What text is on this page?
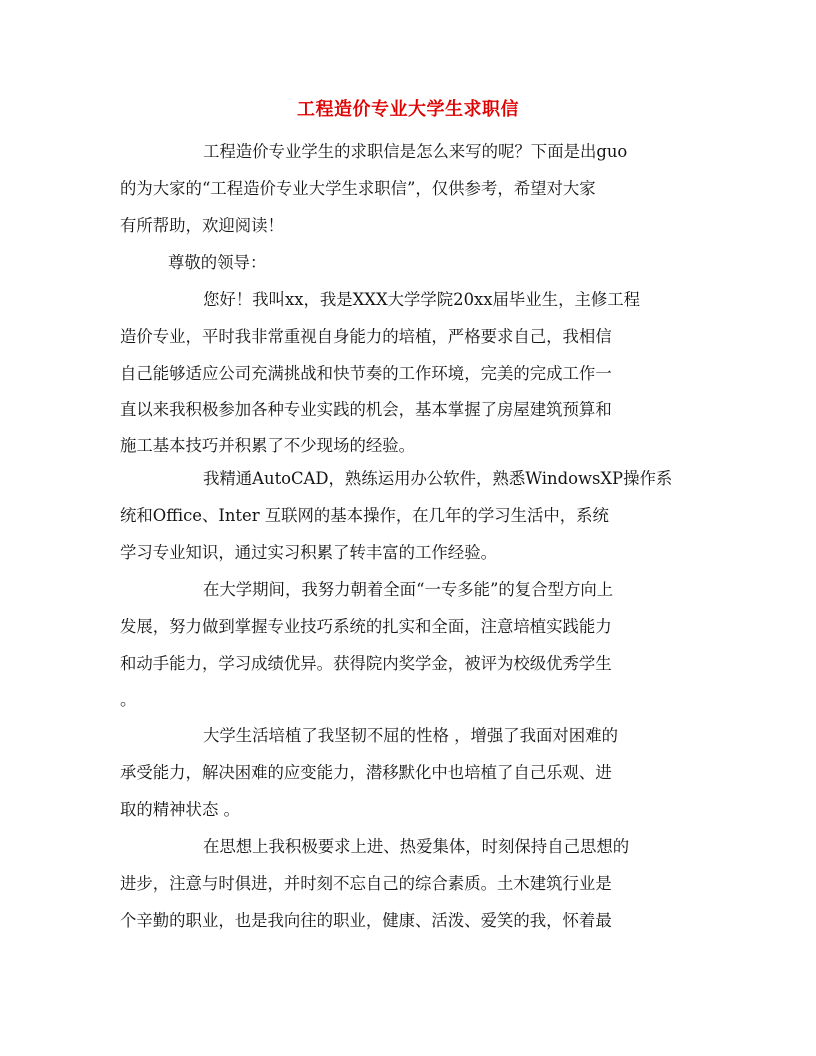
工程造价专业大学生求职信
工程造价专业学生的求职信是怎么来写的呢？下面是出guo
的为大家的“工程造价专业大学生求职信”，仅供参考，希望对大家
有所帮助，欢迎阅读！
尊敬的领导：
您好！我叫xx，我是XXX大学学院20xx届毕业生，主修工程
造价专业，平时我非常重视自身能力的培植，严格要求自己，我相信
自己能够适应公司充满挑战和快节奏的工作环境，完美的完成工作一
直以来我积极参加各种专业实践的机会，基本掌握了房屋建筑预算和
施工基本技巧并积累了不少现场的经验。
我精通AutoCAD，熟练运用办公软件，熟悉WindowsXP操作系
统和Office、Inter 互联网的基本操作，在几年的学习生活中，系统
学习专业知识，通过实习积累了转丰富的工作经验。
在大学期间，我努力朝着全面“一专多能”的复合型方向上
发展，努力做到掌握专业技巧系统的扎实和全面，注意培植实践能力
和动手能力，学习成绩优异。获得院内奖学金，被评为校级优秀学生
。
大学生活培植了我坚韧不屈的性格 ，增强了我面对困难的
承受能力，解决困难的应变能力，潜移默化中也培植了自己乐观、进
取的精神状态 。
在思想上我积极要求上进、热爱集体，时刻保持自己思想的
进步，注意与时俱进，并时刻不忘自己的综合素质。土木建筑行业是
个辛勤的职业，也是我向往的职业，健康、活泼、爱笑的我，怀着最
